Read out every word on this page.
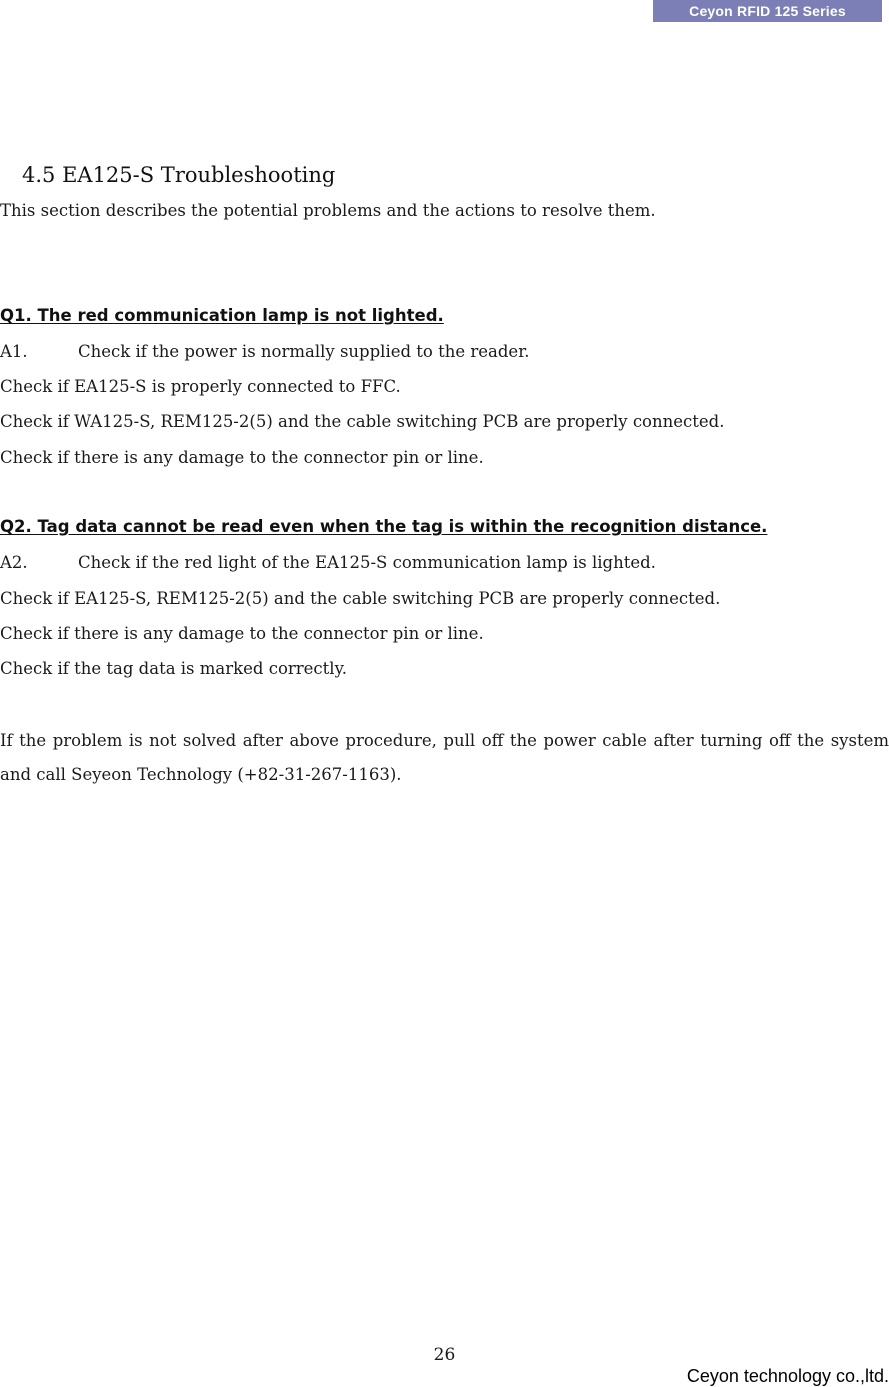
Ceyon RFID 125 Series
4.5 EA125-S Troubleshooting
This section describes the potential problems and the actions to resolve them.
Q1. The red communication lamp is not lighted.
A1.	Check if the power is normally supplied to the reader.
Check if EA125-S is properly connected to FFC.
Check if WA125-S, REM125-2(5) and the cable switching PCB are properly connected.
Check if there is any damage to the connector pin or line.
Q2. Tag data cannot be read even when the tag is within the recognition distance.
A2.	Check if the red light of the EA125-S communication lamp is lighted.
Check if EA125-S, REM125-2(5) and the cable switching PCB are properly connected.
Check if there is any damage to the connector pin or line.
Check if the tag data is marked correctly.
If the problem is not solved after above procedure, pull off the power cable after turning off the system and call Seyeon Technology (+82-31-267-1163).
26
Ceyon technology co.,ltd.
